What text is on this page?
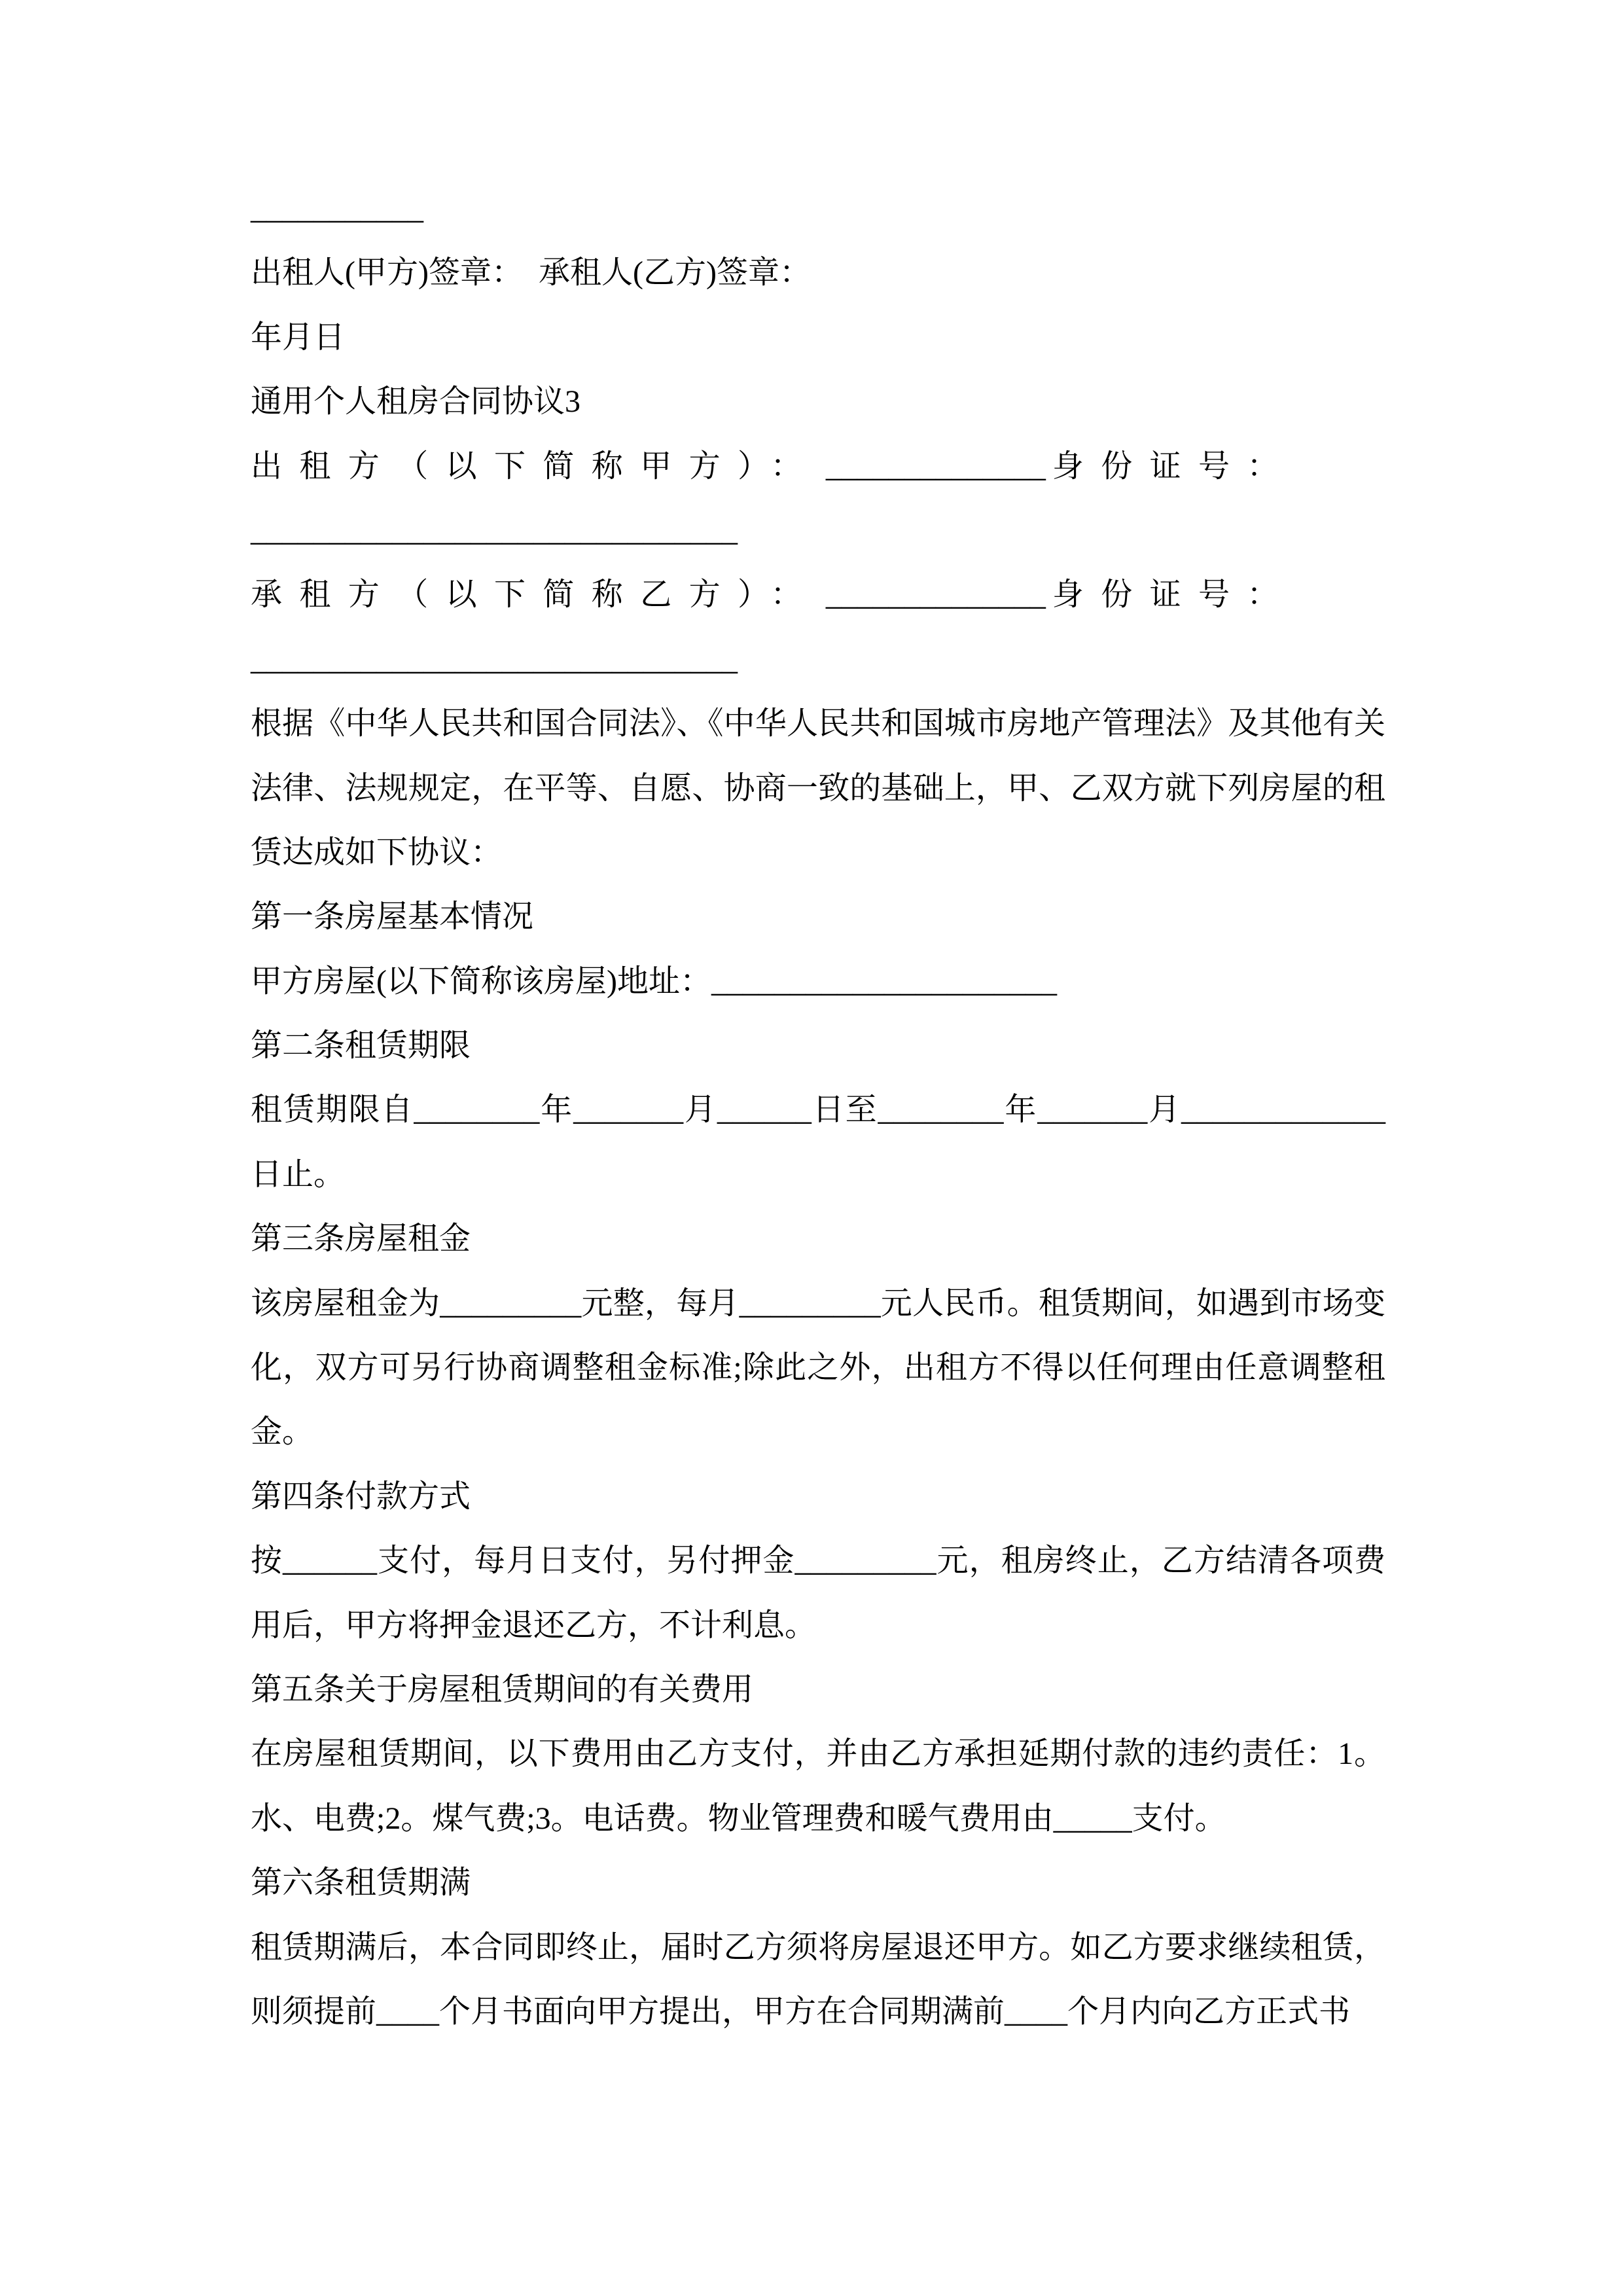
___________

出租人(甲方)签章：　承租人(乙方)签章：

年月日

通用个人租房合同协议3

出租方（以下简称甲方）： ______________ 身份证号：

_______________________________

承租方（以下简称乙方）： ______________ 身份证号：

_______________________________

根据《中华人民共和国合同法》、《中华人民共和国城市房地产管理法》及其他有关法律、法规规定，在平等、自愿、协商一致的基础上，甲、乙双方就下列房屋的租赁达成如下协议：

第一条房屋基本情况

甲方房屋(以下简称该房屋)地址：______________________

第二条租赁期限

租赁期限自________年_______月______日至________年_______月_____________日止。

第三条房屋租金

该房屋租金为_________元整，每月_________元人民币。租赁期间，如遇到市场变化，双方可另行协商调整租金标准;除此之外，出租方不得以任何理由任意调整租金。

第四条付款方式

按______支付，每月日支付，另付押金_________元，租房终止，乙方结清各项费用后，甲方将押金退还乙方，不计利息。

第五条关于房屋租赁期间的有关费用

在房屋租赁期间，以下费用由乙方支付，并由乙方承担延期付款的违约责任：1。水、电费;2。煤气费;3。电话费。物业管理费和暖气费用由_____支付。

第六条租赁期满

租赁期满后，本合同即终止，届时乙方须将房屋退还甲方。如乙方要求继续租赁，则须提前____个月书面向甲方提出，甲方在合同期满前____个月内向乙方正式书
